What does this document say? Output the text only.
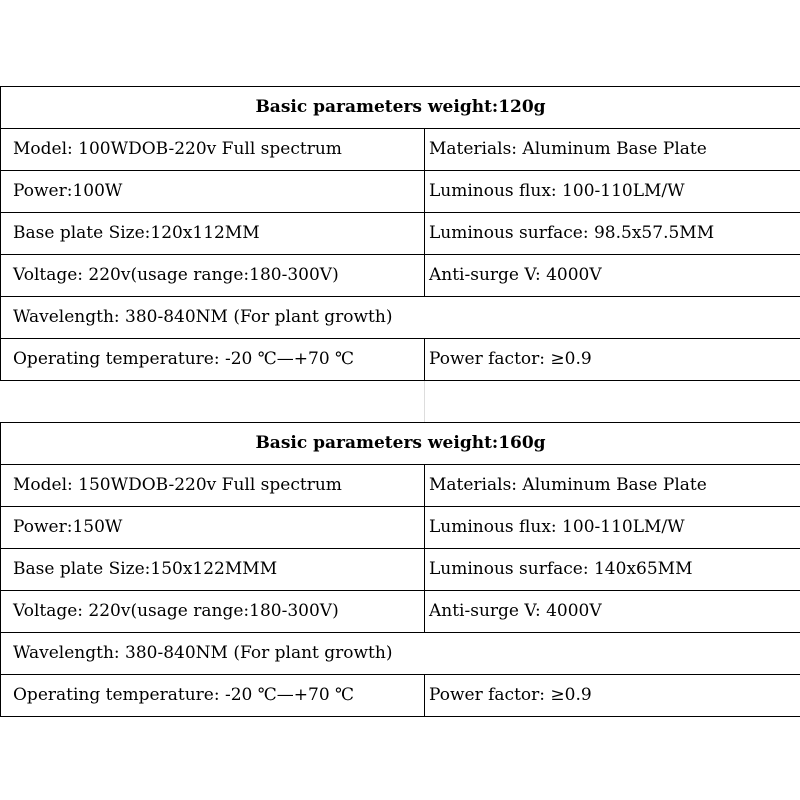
Basic parameters weight:120g	
Model: 100WDOB-220v Full spectrum	Materials: Aluminum Base Plate
Power:100W	Luminous flux: 100-110LM/W
Base plate Size:120x112MM	Luminous surface: 98.5x57.5MM
Voltage: 220v(usage range:180-300V)	Anti-surge V: 4000V
Wavelength: 380-840NM (For plant growth)	
Operating temperature: -20 ℃—+70 ℃	Power factor: ≥0.9

Basic parameters weight:160g	
Model: 150WDOB-220v Full spectrum	Materials: Aluminum Base Plate
Power:150W	Luminous flux: 100-110LM/W
Base plate Size:150x122MMM	Luminous surface: 140x65MM
Voltage: 220v(usage range:180-300V)	Anti-surge V: 4000V
Wavelength: 380-840NM (For plant growth)	
Operating temperature: -20 ℃—+70 ℃	Power factor: ≥0.9
